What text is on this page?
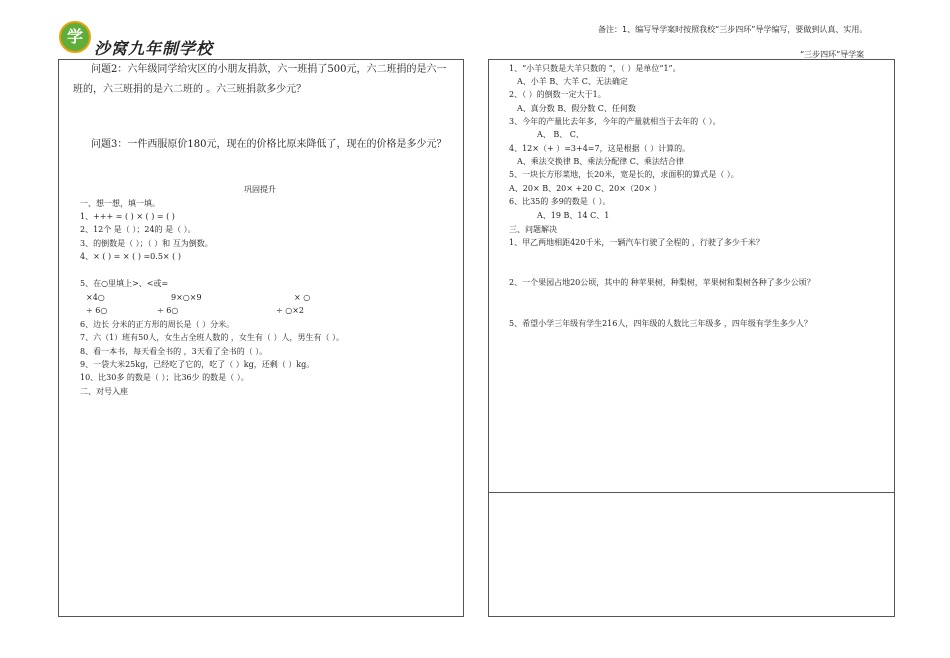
学
沙窝九年制学校
备注：1、编写导学案时按照我校“三步四环”导学编写，要做到认真、实用。
“三步四环”导学案
问题2：六年级同学给灾区的小朋友捐款，六一班捐了500元，六二班捐的是六一
班的，六三班捐的是六二班的 。六三班捐款多少元？
问题3：一件西服原价180元，现在的价格比原来降低了，现在的价格是多少元？
巩固提升
一、想一想，填一填。
1、+++ = ( ) × ( ) = ( )
2、12个 是（ ）；24的 是（ ）。
3、的倒数是（ ）；（ ）和 互为倒数。
4、× ( ) = × ( ) =0.5× ( )
5、在○里填上>、<或=
×4○	9×○×9	× ○
÷ 6○	÷ 6○	÷ ○×2
6、边长 分米的正方形的周长是（ ）分米。
7、六（1）班有50人，女生占全班人数的 ，女生有（ ）人，男生有（ ）。
8、看一本书，每天看全书的 ，3天看了全书的（ ）。
9、一袋大米25kg，已经吃了它的，吃了（ ）kg，还剩（ ）kg。
10、比30多 的数是（ ）；比36少 的数是（ ）。
二、对号入座
1、“小羊只数是大羊只数的 ”，（ ）是单位“1”。
A、小羊 B、大羊 C、无法确定
2、（ ）的倒数一定大于1。
A、真分数 B、假分数 C、任何数
3、今年的产量比去年多，今年的产量就相当于去年的（ ）。
A、 B、 C、
4、12×（+ ）=3+4=7，这是根据（ ）计算的。
A、乘法交换律 B、乘法分配律 C、乘法结合律
5、一块长方形菜地，长20米，宽是长的，求面积的算式是（ ）。
A、20× B、20× +20 C、20×（20× ）
6、比35的 多9的数是（ ）。
A、19 B、14 C、1
三、问题解决
1、甲乙两地相距420千米，一辆汽车行驶了全程的 ，行驶了多少千米？
2、一个果园占地20公顷，其中的 种苹果树，种梨树，苹果树和梨树各种了多少公顷？
5、希望小学三年级有学生216人，四年级的人数比三年级多 ，四年级有学生多少人？
